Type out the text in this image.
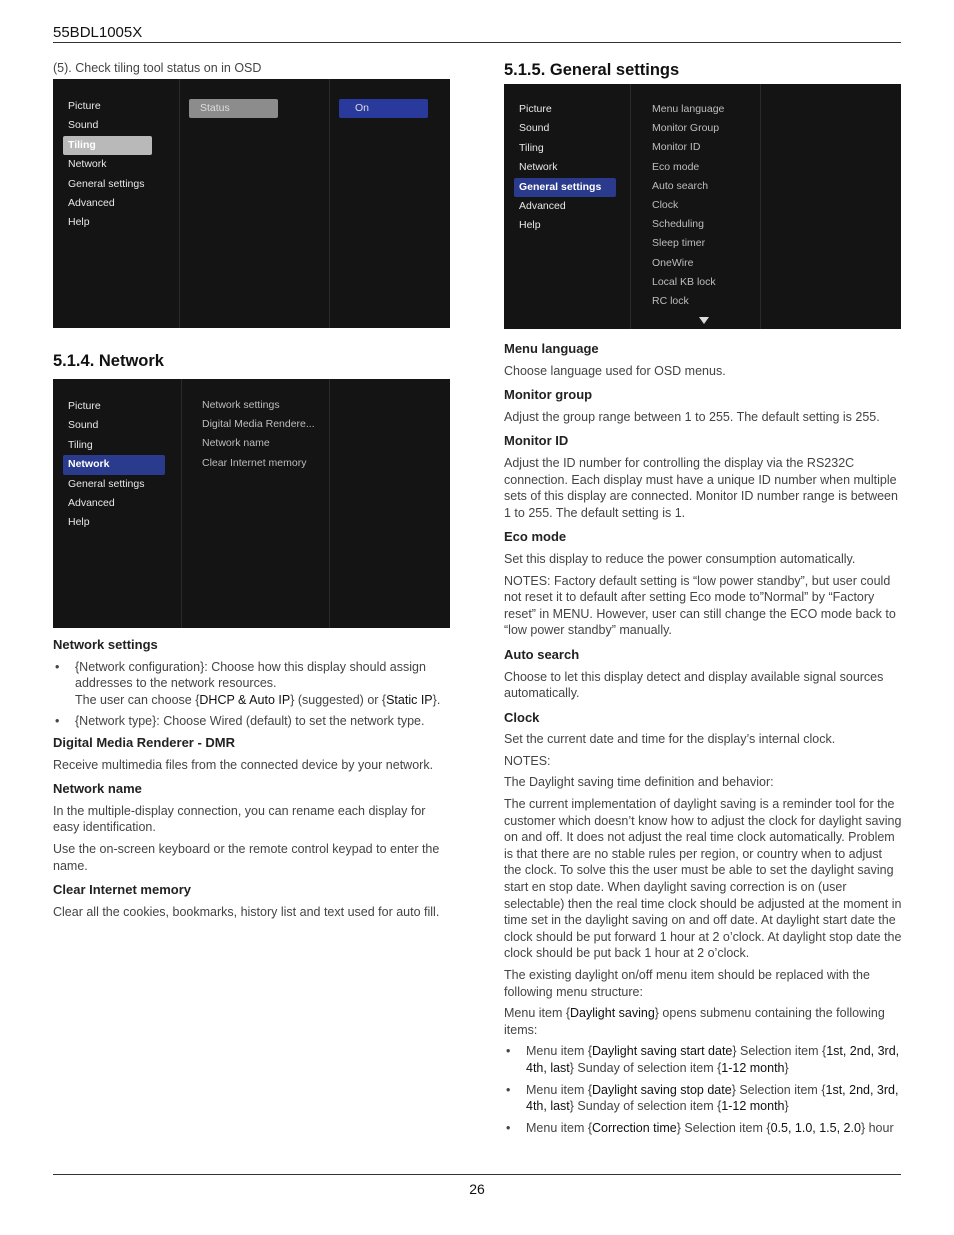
55BDL1005X
(5). Check tiling tool status on in OSD
Picture
Sound
Tiling
Network
General settings
Advanced
Help
Status	On
5.1.4. Network
Picture
Sound
Tiling
Network
General settings
Advanced
Help
Network settings
Digital Media Rendere...
Network name
Clear Internet memory

Network settings

• {Network configuration}: Choose how this display should assign addresses to the network resources.
The user can choose {DHCP & Auto IP} (suggested) or {Static IP}.
• {Network type}: Choose Wired (default) to set the network type.

Digital Media Renderer - DMR

Receive multimedia files from the connected device by your network.

Network name

In the multiple-display connection, you can rename each display for easy identification.

Use the on-screen keyboard or the remote control keypad to enter the name.

Clear Internet memory

Clear all the cookies, bookmarks, history list and text used for auto fill.

5.1.5. General settings
Picture
Sound
Tiling
Network
General settings
Advanced
Help
Menu language
Monitor Group
Monitor ID
Eco mode
Auto search
Clock
Scheduling
Sleep timer
OneWire
Local KB lock
RC lock

Menu language

Choose language used for OSD menus.

Monitor group

Adjust the group range between 1 to 255. The default setting is 255.

Monitor ID

Adjust the ID number for controlling the display via the RS232C connection. Each display must have a unique ID number when multiple sets of this display are connected. Monitor ID number range is between 1 to 255. The default setting is 1.

Eco mode

Set this display to reduce the power consumption automatically.

NOTES: Factory default setting is “low power standby”, but user could not reset it to default after setting Eco mode to”Normal” by “Factory reset” in MENU. However, user can still change the ECO mode back to “low power standby” manually.

Auto search

Choose to let this display detect and display available signal sources automatically.

Clock

Set the current date and time for the display’s internal clock.

NOTES:

The Daylight saving time definition and behavior:

The current implementation of daylight saving is a reminder tool for the customer which doesn’t know how to adjust the clock for daylight saving on and off. It does not adjust the real time clock automatically. Problem is that there are no stable rules per region, or country when to adjust the clock. To solve this the user must be able to set the daylight saving start en stop date. When daylight saving correction is on (user selectable) then the real time clock should be adjusted at the moment in time set in the daylight saving on and off date. At daylight start date the clock should be put forward 1 hour at 2 o’clock. At daylight stop date the clock should be put back 1 hour at 2 o’clock.

The existing daylight on/off menu item should be replaced with the following menu structure:

Menu item {Daylight saving} opens submenu containing the following items:

• Menu item {Daylight saving start date} Selection item {1st, 2nd, 3rd, 4th, last} Sunday of selection item {1-12 month}
• Menu item {Daylight saving stop date} Selection item {1st, 2nd, 3rd, 4th, last} Sunday of selection item {1-12 month}
• Menu item {Correction time} Selection item {0.5, 1.0, 1.5, 2.0} hour
26
